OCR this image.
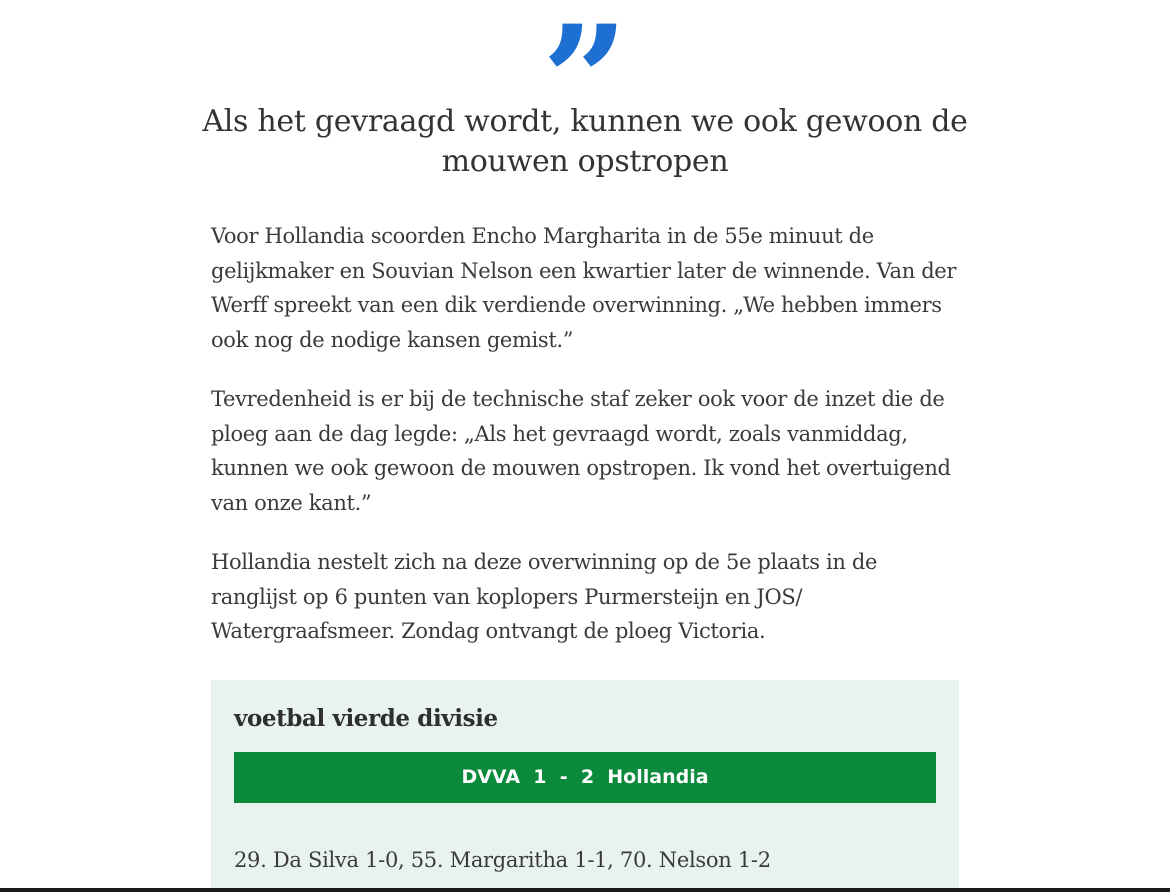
”
Als het gevraagd wordt, kunnen we ook gewoon de mouwen opstropen

Voor Hollandia scoorden Encho Margharita in de 55e minuut de gelijkmaker en Souvian Nelson een kwartier later de winnende. Van der Werff spreekt van een dik verdiende overwinning. „We hebben immers ook nog de nodige kansen gemist.”

Tevredenheid is er bij de technische staf zeker ook voor de inzet die de ploeg aan de dag legde: „Als het gevraagd wordt, zoals vanmiddag, kunnen we ook gewoon de mouwen opstropen. Ik vond het overtuigend van onze kant.”

Hollandia nestelt zich na deze overwinning op de 5e plaats in de ranglijst op 6 punten van koplopers Purmersteijn en JOS/ Watergraafsmeer. Zondag ontvangt de ploeg Victoria.

voetbal vierde divisie
DVVA  1  -  2  Hollandia
29. Da Silva 1-0, 55. Margaritha 1-1, 70. Nelson 1-2
